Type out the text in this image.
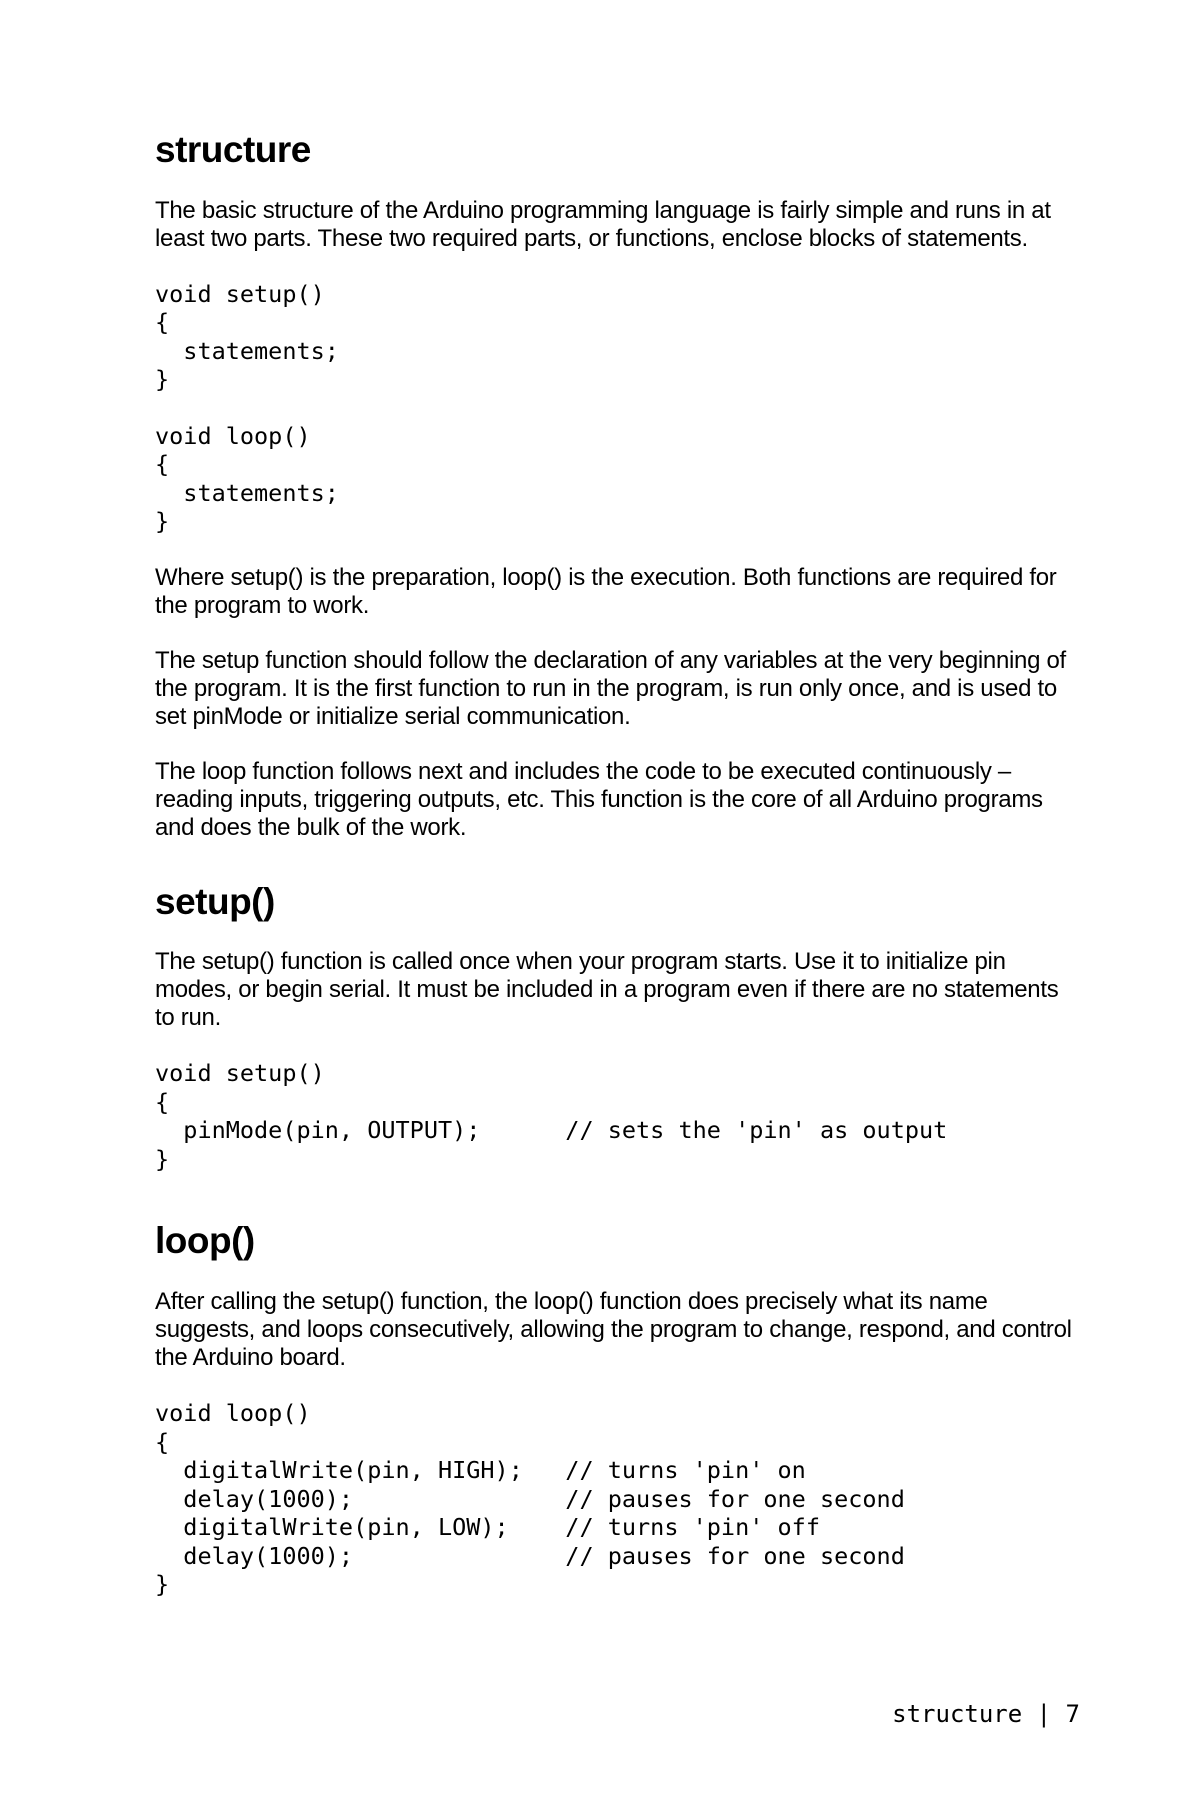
structure

The basic structure of the Arduino programming language is fairly simple and runs in at least two parts. These two required parts, or functions, enclose blocks of statements.

void setup()
{
statements;
}
void loop()
{
statements;
}

Where setup() is the preparation, loop() is the execution. Both functions are required for the program to work.

The setup function should follow the declaration of any variables at the very beginning of the program. It is the first function to run in the program, is run only once, and is used to set pinMode or initialize serial communication.

The loop function follows next and includes the code to be executed continuously – reading inputs, triggering outputs, etc. This function is the core of all Arduino programs and does the bulk of the work.

setup()

The setup() function is called once when your program starts. Use it to initialize pin modes, or begin serial. It must be included in a program even if there are no statements to run.

void setup()
{
pinMode(pin, OUTPUT);      // sets the 'pin' as output
}
loop()

After calling the setup() function, the loop() function does precisely what its name suggests, and loops consecutively, allowing the program to change, respond, and control the Arduino board.

void loop()
{
digitalWrite(pin, HIGH);   // turns 'pin' on
delay(1000);               // pauses for one second
digitalWrite(pin, LOW);    // turns 'pin' off
delay(1000);               // pauses for one second
}
structure | 7
